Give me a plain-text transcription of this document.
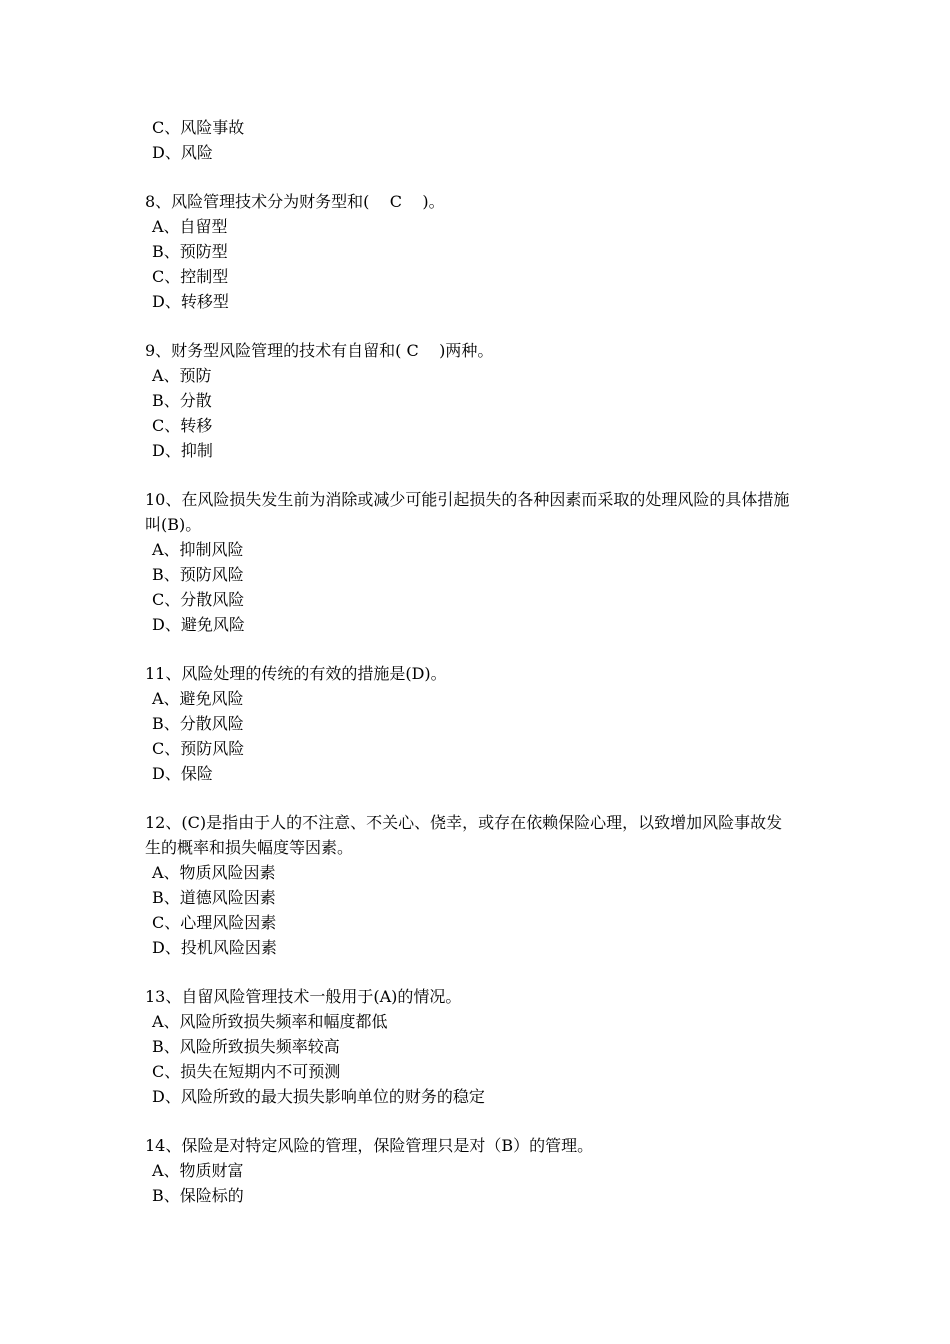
C、风险事故
D、风险
8、风险管理技术分为财务型和(    C    )。
A、自留型
B、预防型
C、控制型
D、转移型
9、财务型风险管理的技术有自留和( C    )两种。
A、预防
B、分散
C、转移
D、抑制
10、在风险损失发生前为消除或减少可能引起损失的各种因素而采取的处理风险的具体措施
叫(B)。
A、抑制风险
B、预防风险
C、分散风险
D、避免风险
11、风险处理的传统的有效的措施是(D)。
A、避免风险
B、分散风险
C、预防风险
D、保险
12、(C)是指由于人的不注意、不关心、侥幸，或存在依赖保险心理，以致增加风险事故发
生的概率和损失幅度等因素。
A、物质风险因素
B、道德风险因素
C、心理风险因素
D、投机风险因素
13、自留风险管理技术一般用于(A)的情况。
A、风险所致损失频率和幅度都低
B、风险所致损失频率较高
C、损失在短期内不可预测
D、风险所致的最大损失影响单位的财务的稳定
14、保险是对特定风险的管理，保险管理只是对（B）的管理。
A、物质财富
B、保险标的
